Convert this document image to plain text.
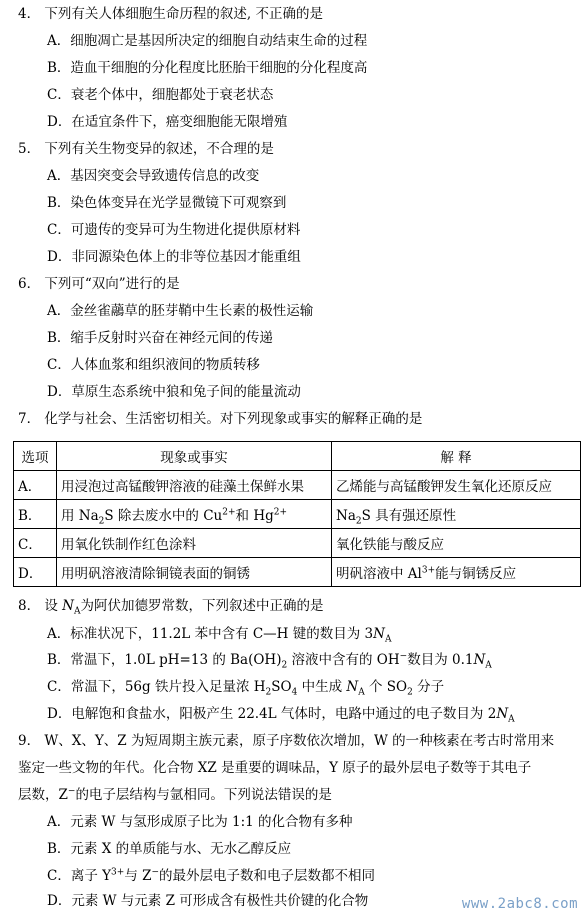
4． 下列有关人体细胞生命历程的叙述, 不正确的是
A．细胞凋亡是基因所决定的细胞自动结束生命的过程
B．造血干细胞的分化程度比胚胎干细胞的分化程度高
C．衰老个体中，细胞都处于衰老状态
D．在适宜条件下，癌变细胞能无限增殖
5． 下列有关生物变异的叙述，不合理的是
A．基因突变会导致遗传信息的改变
B．染色体变异在光学显微镜下可观察到
C．可遗传的变异可为生物进化提供原材料
D．非同源染色体上的非等位基因才能重组
6． 下列可“双向”进行的是
A．金丝雀虉草的胚芽鞘中生长素的极性运输
B．缩手反射时兴奋在神经元间的传递
C．人体血浆和组织液间的物质转移
D．草原生态系统中狼和兔子间的能量流动
7． 化学与社会、生活密切相关。对下列现象或事实的解释正确的是
选项	现象或事实	解 释
A．	用浸泡过高锰酸钾溶液的硅藻土保鲜水果	乙烯能与高锰酸钾发生氧化还原反应
B．	用 $Na_2S$ 除去废水中的 $Cu^{2+}$和 $Hg^{2+}$	$Na_2S$ 具有强还原性
C．	用氧化铁制作红色涂料	氧化铁能与酸反应
D．	用明矾溶液清除铜镜表面的铜锈	明矾溶液中 $Al^{3+}$能与铜锈反应
8． 设 $N_A$为阿伏加德罗常数，下列叙述中正确的是
A．标准状况下，11.2L 苯中含有 C—H 键的数目为 $3N_A$
B．常温下，1.0L pH=13 的 $Ba(OH)_2$ 溶液中含有的 OH−数目为 $0.1N_A$
C．常温下，56g 铁片投入足量浓 $H_2SO_4$ 中生成 $N_A$ 个 $SO_2$ 分子
D．电解饱和食盐水，阳极产生 22.4L 气体时，电路中通过的电子数目为 $2N_A$
9． W、X、Y、Z 为短周期主族元素，原子序数依次增加，W 的一种核素在考古时常用来
鉴定一些文物的年代。化合物 XZ 是重要的调味品，Y 原子的最外层电子数等于其电子
层数，Z−的电子层结构与氩相同。下列说法错误的是
A．元素 W 与氢形成原子比为 1:1 的化合物有多种
B．元素 X 的单质能与水、无水乙醇反应
C．离子 $Y^{3+}$与 Z−的最外层电子数和电子层数都不相同
D．元素 W 与元素 Z 可形成含有极性共价键的化合物	www.2abc8.com
